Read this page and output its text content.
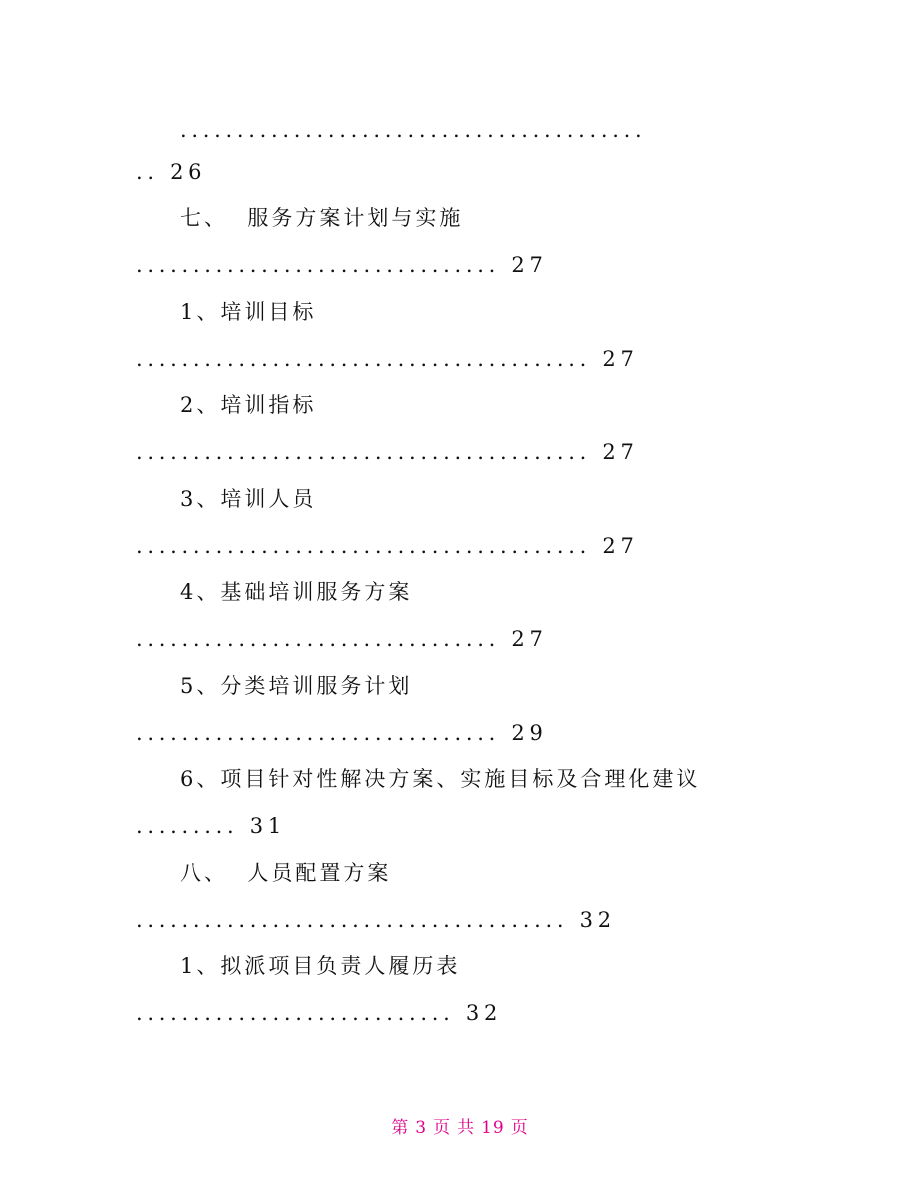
.........................................
.. 26
七、  服务方案计划与实施
................................ 27
1、培训目标
........................................ 27
2、培训指标
........................................ 27
3、培训人员
........................................ 27
4、基础培训服务方案
................................ 27
5、分类培训服务计划
................................ 29
6、项目针对性解决方案、实施目标及合理化建议
......... 31
八、  人员配置方案
...................................... 32
1、拟派项目负责人履历表
............................ 32
第 3 页 共 19 页
